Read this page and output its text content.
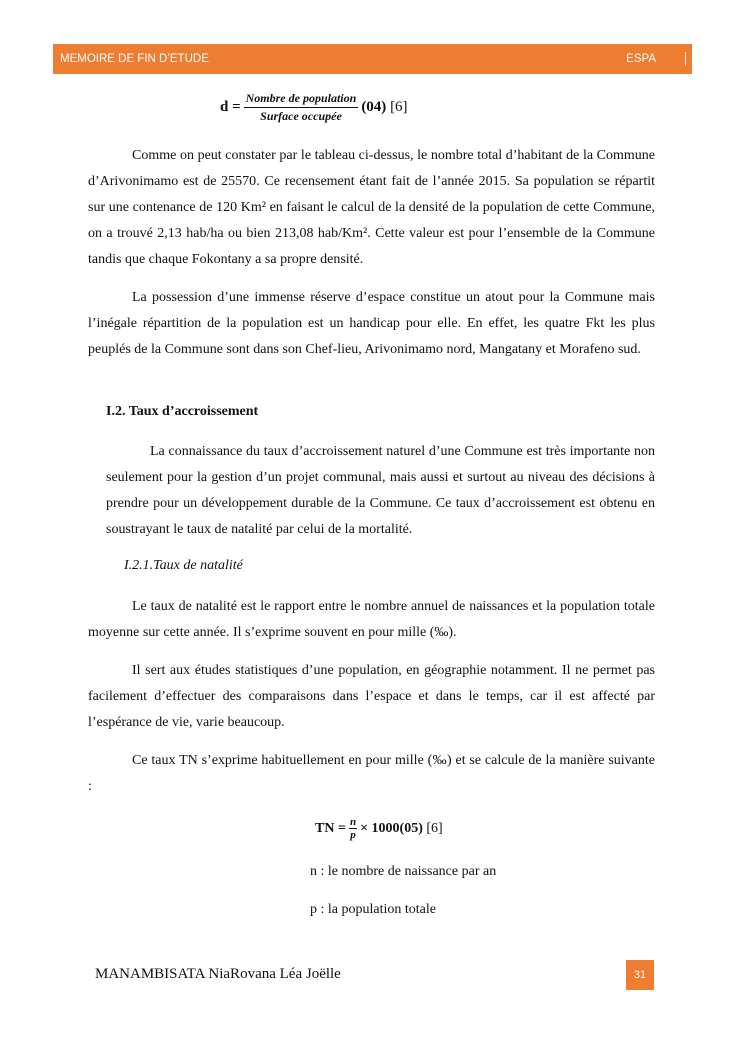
MEMOIRE DE FIN D’ETUDE	ESPA
$d = \frac{\text{Nombre de population}}{\text{Surface occupée}} (04)$
[6]

Comme on peut constater par le tableau ci-dessus, le nombre total d’habitant de la Commune d’Arivonimamo est de 25570. Ce recensement étant fait de l’année 2015. Sa population se répartit sur une contenance de 120 Km² en faisant le calcul de la densité de la population de cette Commune, on a trouvé 2,13 hab/ha ou bien 213,08 hab/Km². Cette valeur est pour l’ensemble de la Commune tandis que chaque Fokontany a sa propre densité.

La possession d’une immense réserve d’espace constitue un atout pour la Commune mais l’inégale répartition de la population est un handicap pour elle. En effet, les quatre Fkt les plus peuplés de la Commune sont dans son Chef-lieu, Arivonimamo nord, Mangatany et Morafeno sud.

I.2. Taux d’accroissement

La connaissance du taux d’accroissement naturel d’une Commune est très importante non seulement pour la gestion d’un projet communal, mais aussi et surtout au niveau des décisions à prendre pour un développement durable de la Commune. Ce taux d’accroissement est obtenu en soustrayant le taux de natalité par celui de la mortalité.

I.2.1.Taux de natalité

Le taux de natalité est le rapport entre le nombre annuel de naissances et la population totale moyenne sur cette année. Il s’exprime souvent en pour mille (‰).

Il sert aux études statistiques d’une population, en géographie notamment. Il ne permet pas facilement d’effectuer des comparaisons dans l’espace et dans le temps, car il est affecté par l’espérance de vie, varie beaucoup.

Ce taux TN s’exprime habituellement en pour mille (‰) et se calcule de la manière suivante :

TN = $\frac{n}{p} \times 1000$ (05)
[6]

n : le nombre de naissance par an

p : la population totale

MANAMBISATA NiaRovana Léa Joëlle	31
